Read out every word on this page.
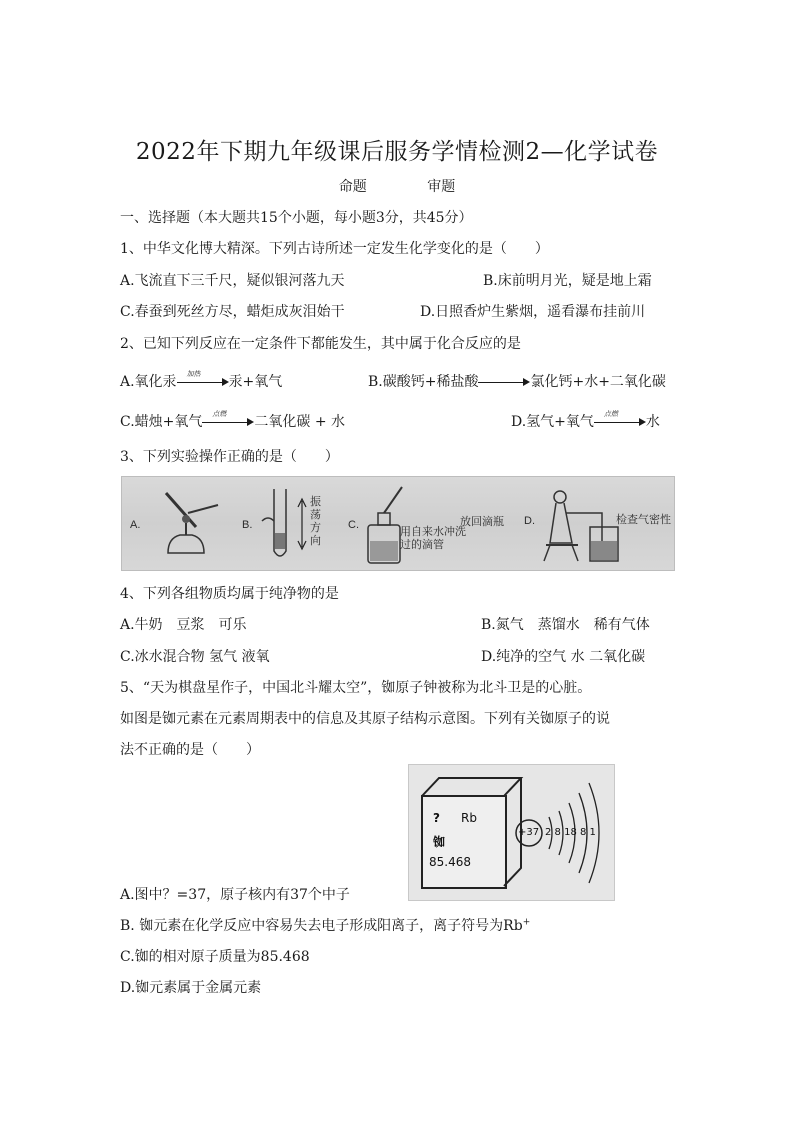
2022年下期九年级课后服务学情检测2—化学试卷
命题	审题
一、选择题（本大题共15个小题，每小题3分，共45分）
1、中华文化博大精深。下列古诗所述一定发生化学变化的是（　　）
A.飞流直下三千尺，疑似银河落九天	B.床前明月光，疑是地上霜
C.春蚕到死丝方尽，蜡炬成灰泪始干	D.日照香炉生紫烟，遥看瀑布挂前川
2、已知下列反应在一定条件下都能发生，其中属于化合反应的是
A.氧化汞 加热 汞+氧气	B.碳酸钙+稀盐酸	氯化钙+水+二氧化碳
C.蜡烛+氧气 点燃 二氧化碳 + 水	D.氢气+氧气 点燃 水
3、下列实验操作正确的是（　　）
A.	B.
振荡方向
C.	用自来水冲洗过的滴管
放回滴瓶 D.	检查气密性
4、下列各组物质均属于纯净物的是
A.牛奶　豆浆　可乐	B.氮气　蒸馏水　稀有气体
C.冰水混合物 氢气 液氧	D.纯净的空气 水 二氧化碳
5、“天为棋盘星作子，中国北斗耀太空”，铷原子钟被称为北斗卫是的心脏。
如图是铷元素在元素周期表中的信息及其原子结构示意图。下列有关铷原子的说
法不正确的是（　　）
? Rb
铷
85.468
+37 2 8 18 8 1
A.图中？=37，原子核内有37个中子
B. 铷元素在化学反应中容易失去电子形成阳离子，离子符号为Rb+
C.铷的相对原子质量为85.468
D.铷元素属于金属元素
